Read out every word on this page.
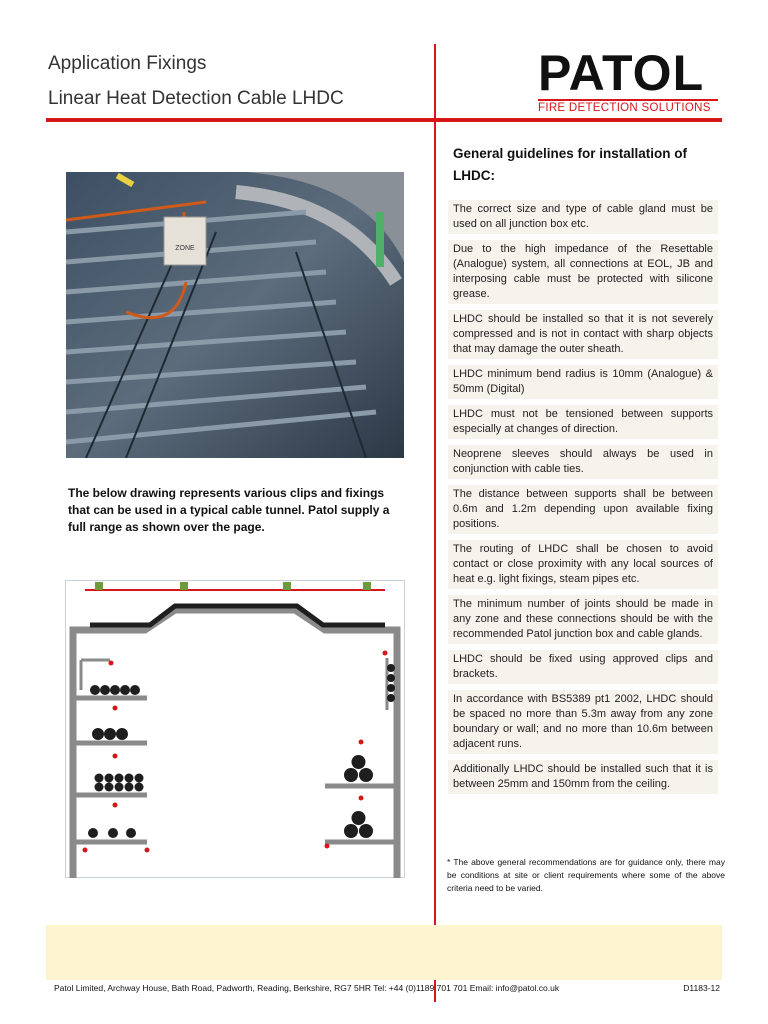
Application Fixings
Linear Heat Detection Cable LHDC	PATOL
FIRE DETECTION SOLUTIONS
ZONE
The below drawing represents various clips and fixings that can be used in a typical cable tunnel. Patol supply a full range as shown over the page.
General guidelines for installation of LHDC:
The correct size and type of cable gland must be used on all junction box etc.
Due to the high impedance of the Resettable (Analogue) system, all connections at EOL, JB and interposing cable must be protected with silicone grease.
LHDC should be installed so that it is not severely compressed and is not in contact with sharp objects that may damage the outer sheath.
LHDC minimum bend radius is 10mm (Analogue) & 50mm (Digital)
LHDC must not be tensioned between supports especially at changes of direction.
Neoprene sleeves should always be used in conjunction with cable ties.
The distance between supports shall be between 0.6m and 1.2m depending upon available fixing positions.
The routing of LHDC shall be chosen to avoid contact or close proximity with any local sources of heat e.g. light fixings, steam pipes etc.
The minimum number of joints should be made in any zone and these connections should be with the recommended Patol junction box and cable glands.
LHDC should be fixed using approved clips and brackets.
In accordance with BS5389 pt1 2002, LHDC should be spaced no more than 5.3m away from any zone boundary or wall; and no more than 10.6m between adjacent runs.
Additionally LHDC should be installed such that it is between 25mm and 150mm from the ceiling.
* The above general recommendations are for guidance only, there may be conditions at site or client requirements where some of the above criteria need to be varied.
Patol Limited, Archway House, Bath Road, Padworth, Reading, Berkshire, RG7 5HR Tel: +44 (0)1189 701 701 Email: info@patol.co.uk	D1183-12
